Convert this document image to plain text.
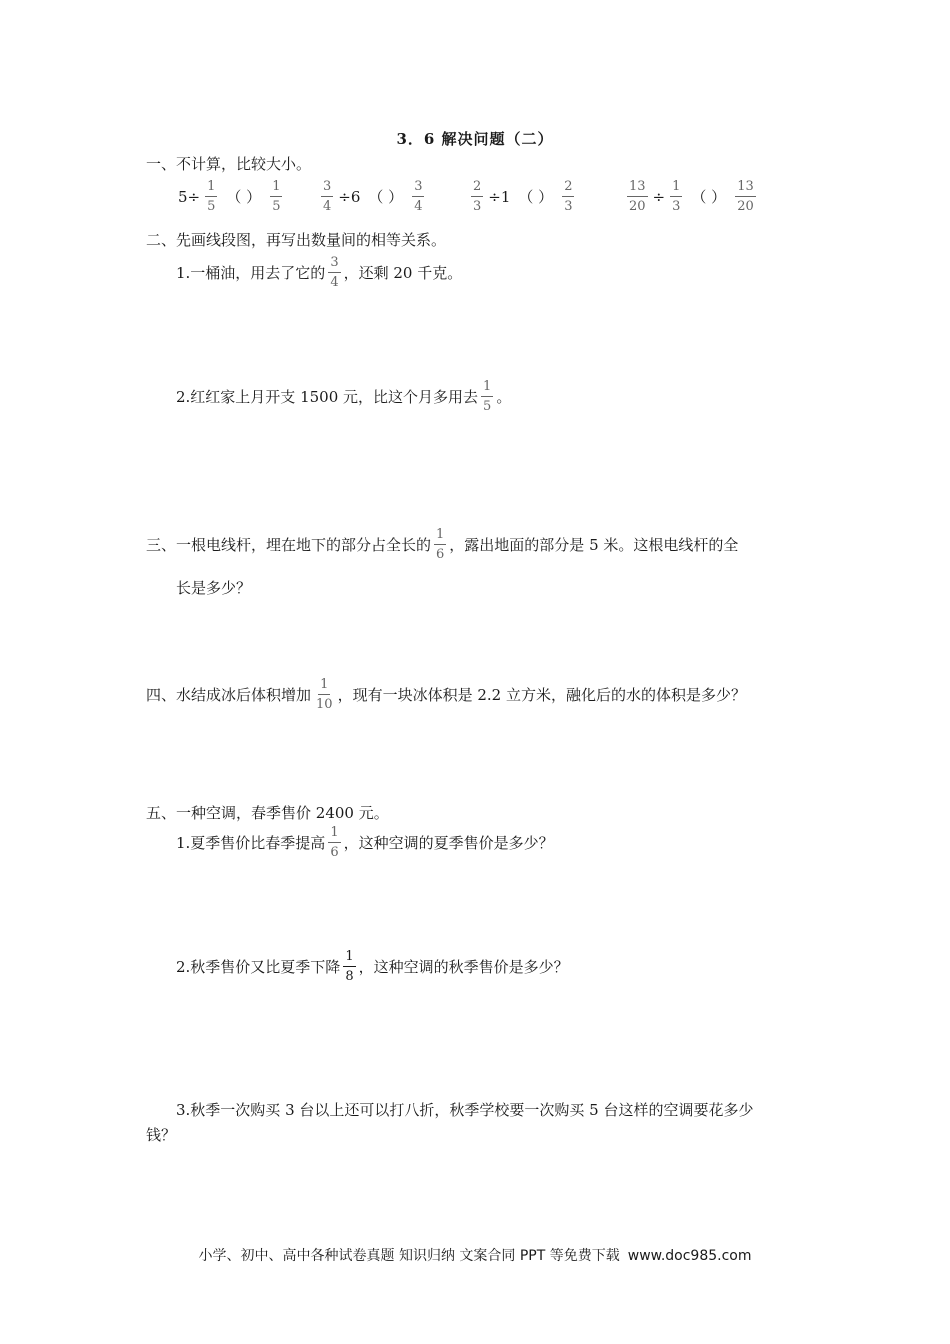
3．6 解决问题（二）
一、不计算，比较大小。
$5\div \frac{1}{5}$ （ ） $\frac{1}{5}$	$\frac{3}{4} \div 6$ （ ） $\frac{3}{4}$	$\frac{2}{3} \div 1$ （ ） $\frac{2}{3}$	$\frac{13}{20} \div \frac{1}{3}$ （ ） $\frac{13}{20}$
二、先画线段图，再写出数量间的相等关系。
1.一桶油，用去了它的 $\frac{3}{4}$ ，还剩 20 千克。
2.红红家上月开支 1500 元，比这个月多用去 $\frac{1}{5}$ 。
三、一根电线杆，埋在地下的部分占全长的 $\frac{1}{6}$ ，露出地面的部分是 5 米。这根电线杆的全
长是多少？
四、水结成冰后体积增加 $\frac{1}{10}$ ，现有一块冰体积是 2.2 立方米，融化后的水的体积是多少？
五、一种空调，春季售价 2400 元。
1.夏季售价比春季提高 $\frac{1}{6}$ ，这种空调的夏季售价是多少？
2.秋季售价又比夏季下降 $\frac{1}{8}$ ，这种空调的秋季售价是多少？
3.秋季一次购买 3 台以上还可以打八折，秋季学校要一次购买 5 台这样的空调要花多少
钱？
小学、初中、高中各种试卷真题 知识归纳 文案合同 PPT 等免费下载 www.doc985.com
